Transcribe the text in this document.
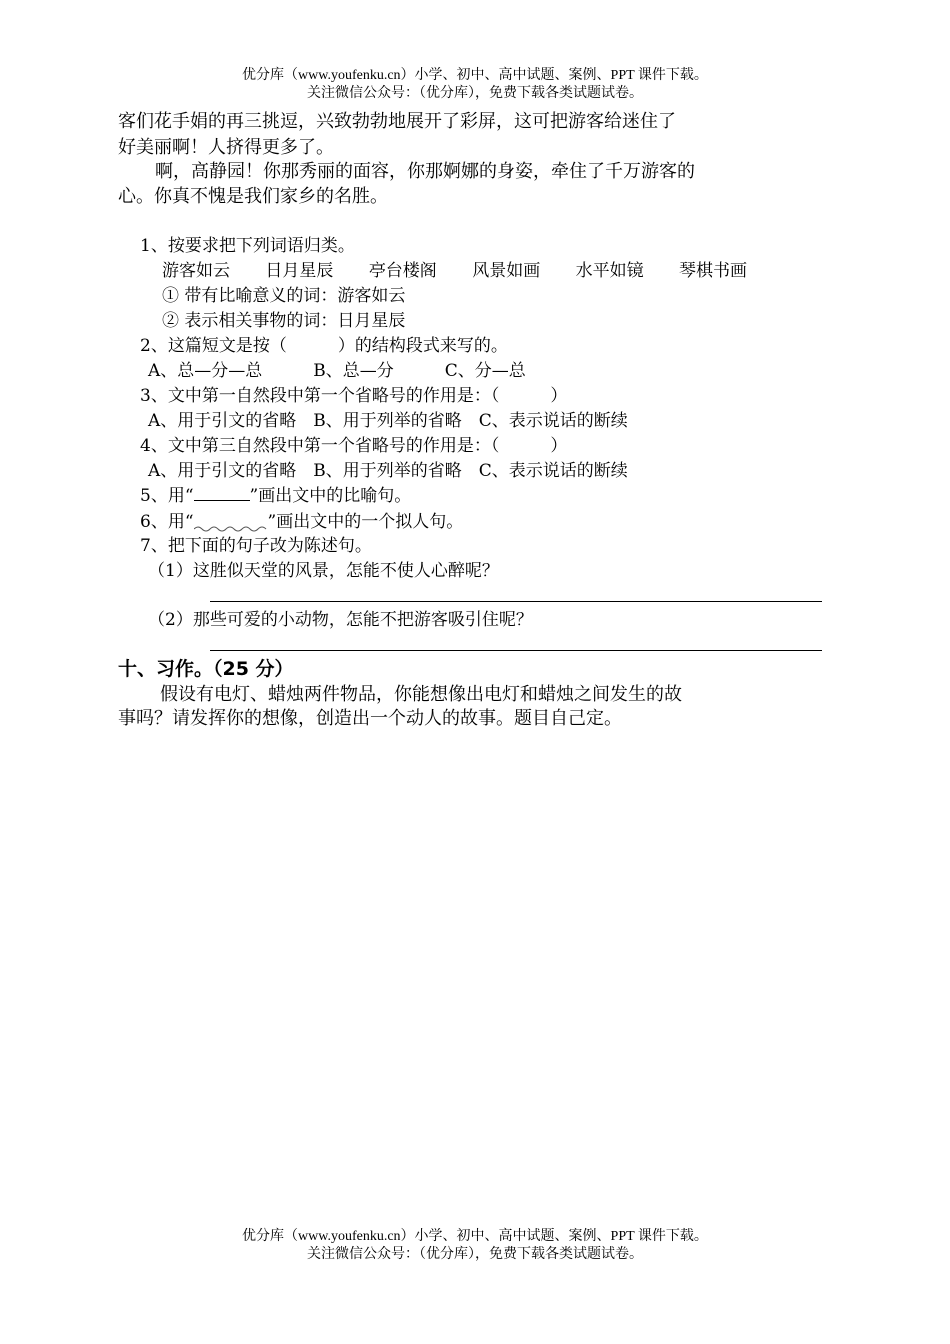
优分库（www.youfenku.cn）小学、初中、高中试题、案例、PPT 课件下载。
关注微信公众号：（优分库），免费下载各类试题试卷。
客们花手娟的再三挑逗，兴致勃勃地展开了彩屏，这可把游客给迷住了
好美丽啊！人挤得更多了。
啊，高静园！你那秀丽的面容，你那婀娜的身姿，牵住了千万游客的
心。你真不愧是我们家乡的名胜。
1、按要求把下列词语归类。
游客如云 日月星辰 亭台楼阁 风景如画 水平如镜 琴棋书画
① 带有比喻意义的词：游客如云
② 表示相关事物的词：日月星辰
2、这篇短文是按（　　　）的结构段式来写的。
A、总—分—总　　　B、总—分　　　C、分—总
3、文中第一自然段中第一个省略号的作用是：（　　　）
A、用于引文的省略　B、用于列举的省略　C、表示说话的断续
4、文中第三自然段中第一个省略号的作用是：（　　　）
A、用于引文的省略　B、用于列举的省略　C、表示说话的断续
5、用“	”画出文中的比喻句。
6、用“	”画出文中的一个拟人句。
7、把下面的句子改为陈述句。
（1）这胜似天堂的风景，怎能不使人心醉呢？
（2）那些可爱的小动物，怎能不把游客吸引住呢？
十、习作。（25 分）
假设有电灯、蜡烛两件物品，你能想像出电灯和蜡烛之间发生的故
事吗？请发挥你的想像，创造出一个动人的故事。题目自己定。
优分库（www.youfenku.cn）小学、初中、高中试题、案例、PPT 课件下载。
关注微信公众号：（优分库），免费下载各类试题试卷。
